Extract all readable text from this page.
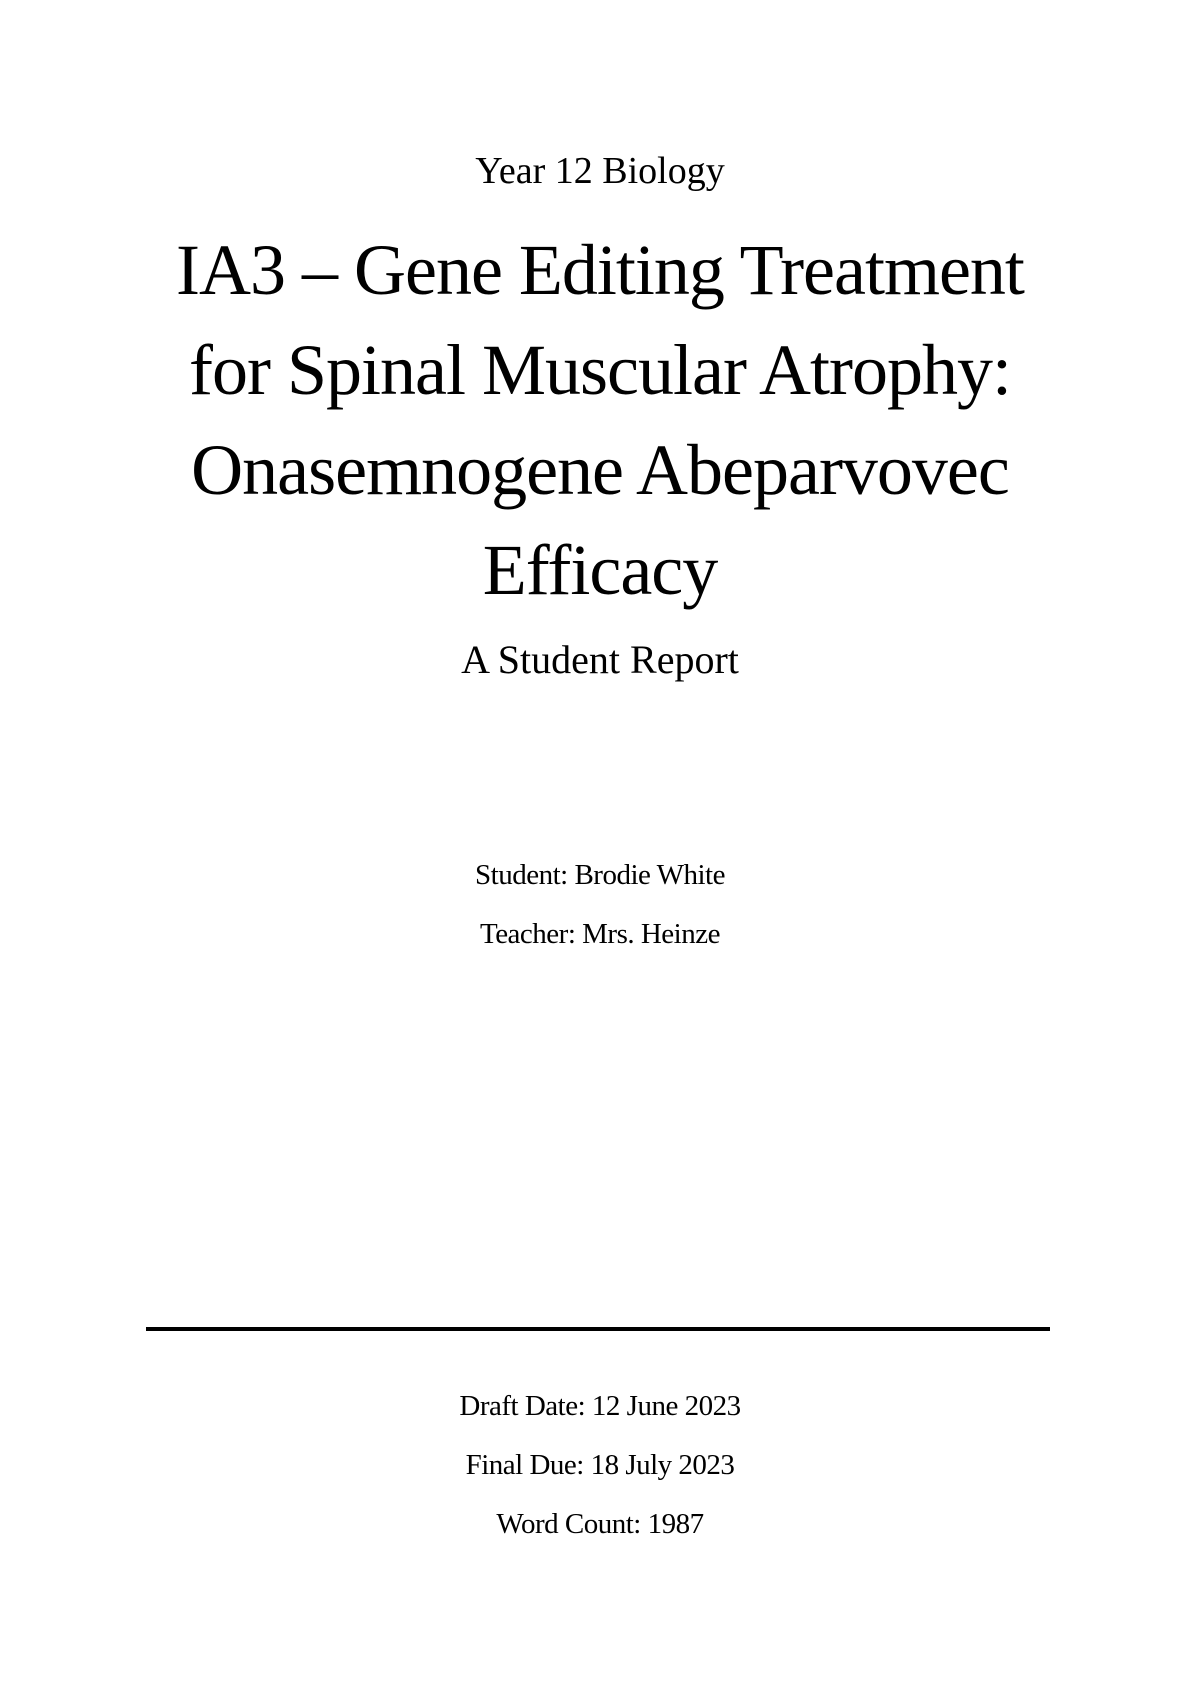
Year 12 Biology
IA3 – Gene Editing Treatment
for Spinal Muscular Atrophy:
Onasemnogene Abeparvovec
Efficacy
A Student Report
Student: Brodie White
Teacher: Mrs. Heinze
Draft Date: 12 June 2023
Final Due: 18 July 2023
Word Count: 1987
